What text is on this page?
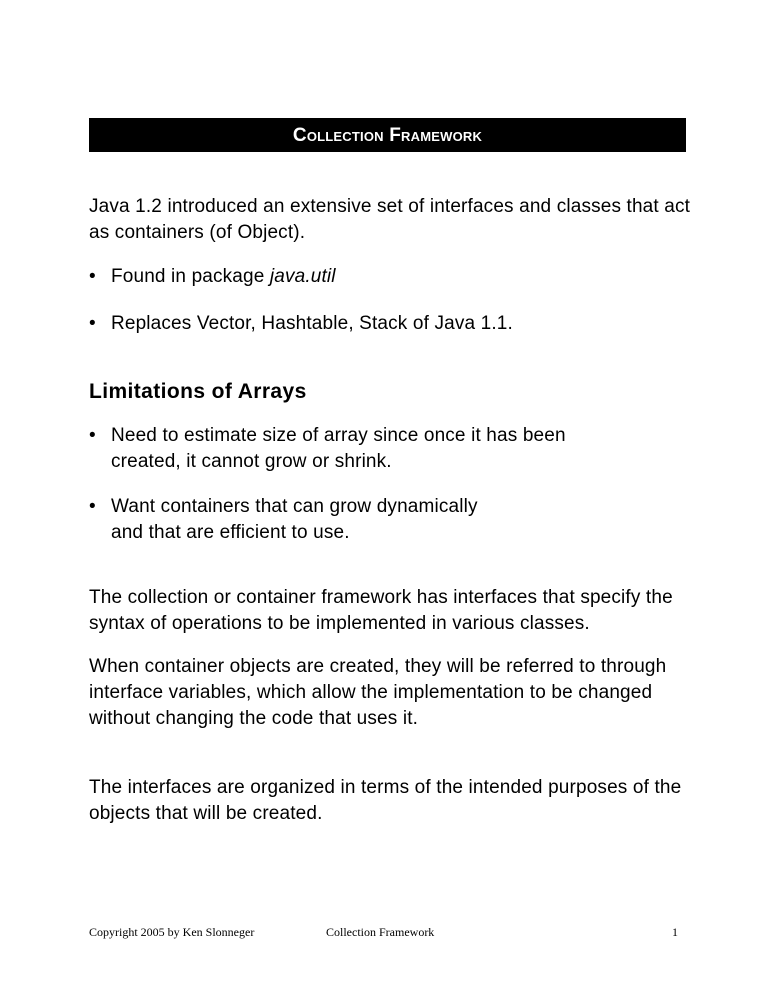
Collection Framework
Java 1.2 introduced an extensive set of interfaces and classes that act as containers (of Object).
• Found in package java.util
• Replaces Vector, Hashtable, Stack of Java 1.1.
Limitations of Arrays
• Need to estimate size of array since once it has been
created, it cannot grow or shrink.
• Want containers that can grow dynamically
and that are efficient to use.
The collection or container framework has interfaces that specify the syntax of operations to be implemented in various classes.
When container objects are created, they will be referred to through interface variables, which allow the implementation to be changed without changing the code that uses it.
The interfaces are organized in terms of the intended purposes of the objects that will be created.
Copyright 2005 by Ken Slonneger	Collection Framework	1
